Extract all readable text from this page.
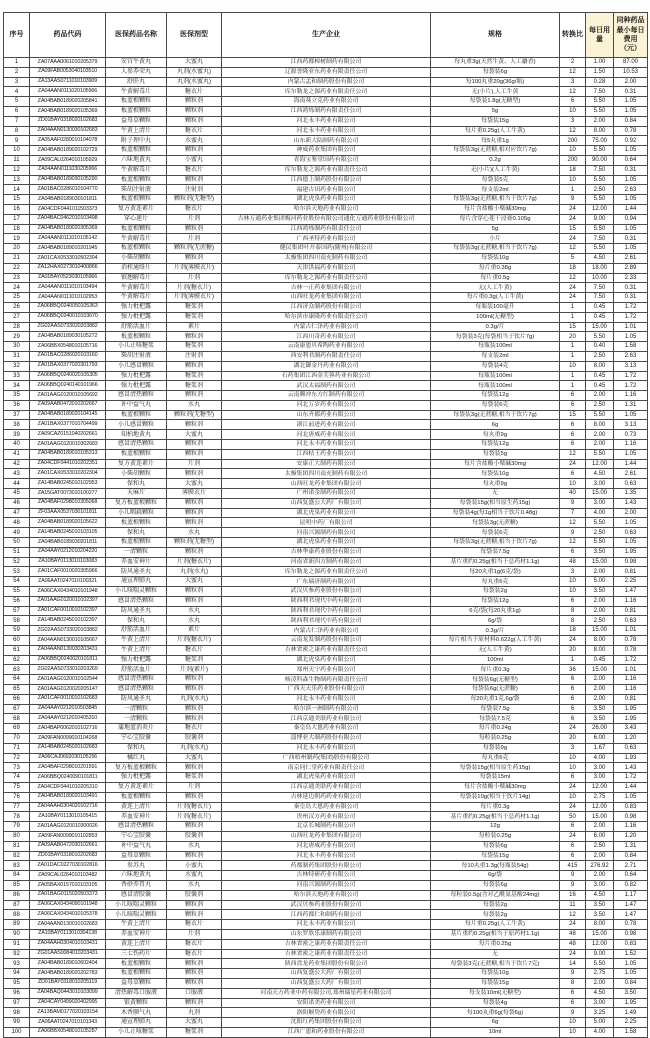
序号	药品代码	医保药品名称	医保剂型	生产企业	规格	转换比	每日用量	同种药品最小每日费用（元）
1	ZA07AAA0061010205379	安宫牛黄丸	大蜜丸	江西药都樟树制药有限公司	每丸重3g(天然牛黄、人工麝香)	2	1.00	87.00
2	ZA09FAB0053040103510	人参养荣丸	丸剂(水蜜丸)	辽源誉隆亚东药业有限责任公司	每袋装6g	12	1.50	10.53
3	ZA13AAS0711010103909	舒肝丸	丸剂(水蜜丸)	内蒙古孟和制药股份有限公司	每100丸重20g(36g/瓶)	3	0.28	2.00
4	ZA04AAN0111020105966	牛黄解毒片	糖衣片	库尔勒龙之源药业有限责任公司	无(小片),人工牛黄	12	7.50	0.31
5	ZA04BAB0189020205841	板蓝根颗粒	颗粒剂	海南葵立克药业有限公司	每袋装1.8g(无糖型)	6	5.50	1.05
6	ZA04BAB0189020105369	板蓝根颗粒	颗粒剂	江西鸿烁制药有限责任公司	5g	10	5.50	1.05
7	ZD01BAY0318020102683	益母草颗粒	颗粒剂	河北永丰药业有限公司	每袋装15g	3	2.00	0.84
8	ZA04AAN0130030102683	牛黄上清片	糖衣片	河北永丰药业有限公司	每片重0.25g(人工牛黄)	12	8.00	0.78
9	ZA05AAF0280010104078	附子理中丸	水蜜丸	山东新大陆制药有限公司	每5丸重1g	200	75.00	0.92
10	ZA04BAB0189020102729	板蓝根颗粒	颗粒剂	神威药业集团有限公司	每袋装3g(无蔗糖,相对应饮片7g)	10	5.50	1.05
11	ZA09CAL0264010105929	六味地黄丸	小蜜丸	青海宝鉴堂国药有限公司	0.2g	200	90.00	0.64
12	ZA04AAN0111030205966	牛黄解毒片	糖衣片	库尔勒龙之源药业有限责任公司	无(小片)(人工牛黄)	18	7.50	0.31
13	ZA04BAB0189030105290	板蓝根颗粒	颗粒剂	江西德上制药股份有限公司	每袋装5克	10	5.50	1.05
14	ZA01BAC0286010104770	柴胡注射液	注射剂	福建古田药业有限公司	每支装2ml	1	2.50	2.63
15	ZA04BAB0189030101811	板蓝根颗粒	颗粒剂(无糖型)	湖北虎泉药业有限公司	每袋装3g(无蔗糖,相当于饮片7g)	9	5.50	1.05
16	ZA04CDF0441011503373	复方黄连素片	糖衣片	哈尔滨天地药业有限公司	每片含盐酸小檗碱30mg	24	12.00	1.44
17	ZA04BAC0462010103498	穿心莲片	片剂	吉林万通药业集团梅河药业股份有限公司通化万通药业股份有限公司	每片含穿心莲干浸膏0.105g	24	9.00	0.94
18	ZA04BAB0189020305369	板蓝根颗粒	颗粒剂	江西鸿烁制药有限责任公司	5g	15	5.50	1.05
19	ZA04AAN0111010105142	牛黄解毒片	片剂	广西圣特药业有限公司	小片	24	7.50	0.31
20	ZA04BAB0189010201945	板蓝根颗粒	颗粒剂(无蔗糖)	健民集团叶开泰国药(随州)有限公司	每袋装3g(无蔗糖,相当于饮片7g)	12	5.50	1.05
21	ZA01CAX0533010502304	小柴胡颗粒	颗粒剂	太极集团四川南充制药有限公司	每袋装10g	5	4.50	2.61
22	ZA12HAX0273010400866	消栓通络片	片剂(薄膜衣片)	天津洪福药业有限公司	每片重0.38g	18	18.00	2.89
23	ZA01BAY0523030105966	银翘解毒片	片剂	库尔勒龙之源药业有限责任公司	每片重0.5g	12	10.00	2.33
24	ZA04AAN0111010103494	牛黄解毒片	片剂(糖衣片)	吉林一正药业集团有限公司	无(人工牛黄)	24	7.50	0.31
25	ZA04AAN0111010102953	牛黄解毒片	片剂(薄膜衣片)	山西旺龙药业集团有限公司	每片重0.3g(人工牛黄)	24	7.50	0.31
26	ZA06BBQ0240050105363	强力枇杷露	糖浆剂	江西济众制药股份有限公司	每瓶装100毫升	1	0.45	1.72
27	ZA06BBQ0240010103670	强力枇杷露	糖浆剂	哈尔滨市康隆药业有限责任公司	100ml(无糖型)	1	0.45	1.72
28	ZG02AAS0733020203882	舒筋活血片	素片	内蒙古仁泽药业有限公司	0.3g/片	15	15.00	1.01
29	ZA04BAB0189030105272	板蓝根颗粒	颗粒剂	江西川奇药业有限公司	每袋装3克(每袋相当于饮片7g)	20	5.50	1.05
30	ZA06BBX0548010105716	小儿止咳糖浆	糖浆剂	云南康恩贝希陶药业有限公司	每瓶装100ml	1	0.40	1.58
31	ZA01BAC0286020103160	柴胡注射液	注射剂	西安利君制药有限责任公司	每支装2ml	1	2.50	2.63
32	ZA01BAX0377020301793	小儿感冒颗粒	颗粒剂	湖北御金丹药业有限公司	每袋装4克	10	8.00	3.13
33	ZA06BBQ0240020105305	强力枇杷露	糖浆剂	石药集团江西金芙蓉药业有限公司	每瓶装100ml	1	0.45	1.72
34	ZA06BBQ0240140101966	强力枇杷露	糖浆剂	武汉太福制药有限公司	每瓶装100ml	1	0.45	1.72
35	ZA01AAG0120010105692	感冒清热颗粒	颗粒剂	云南腾冲东方红制药有限公司	每袋装12g	6	2.00	1.16
36	ZA09AAB0472010202667	补中益气丸	水丸	河北万岁药业有限公司	每袋装6克	6	2.50	1.31
37	ZA04BAB0189020104145	板蓝根颗粒	颗粒剂(无糖型)	山东齐都药业有限公司	每袋装3g(无蔗糖,相当于饮片7g)	15	5.50	1.05
38	ZA01BAX0377010704499	小儿感冒颗粒	颗粒剂	浙江前进药业有限公司	6g	6	8.00	3.13
39	ZA09CAZ0151040202661	知柏地黄丸	大蜜丸	河北唐威药业有限公司	每丸重9g	6	2.00	0.73
40	ZA01AAG0120010302683	感冒清热颗粒	颗粒剂	河北永丰药业有限公司	每袋装12g	6	2.00	1.16
41	ZA04BAB0189010105313	板蓝根颗粒	颗粒剂	江西桔王药业有限公司	每袋装5g	12	5.50	1.05
42	ZA04CDF0441010202351	复方黄连素片	片剂	安康正大制药有限公司	每片含盐酸小檗碱30mg	24	12.00	1.44
43	ZA01CAX0533010202304	小柴胡颗粒	颗粒剂	太极集团四川南充制药有限公司	每袋装10g	6	4.50	2.61
44	ZA14BAB0245010102953	保和丸	大蜜丸	山西旺龙药业集团有限公司	每丸重9g	10	3.00	0.63
45	ZA15GAT0073010100277	天麻片	薄膜衣片	广州诺金制药有限公司	无	40	15.00	1.35
46	ZA04BAF0298010305068	复方板蓝根颗粒	颗粒剂	山西复盛公大药厂有限公司	每袋装15g(相当原生药15g)	9	3.00	1.43
47	ZF03AAX0537030101811	小儿咽扁颗粒	颗粒剂	湖北虎泉药业有限公司	每袋装4g(每1g相当于饮片0.48g)	7	4.00	2.00
48	ZA04BAB0189020105622	板蓝根颗粒	颗粒剂	昆明中药厂有限公司	每袋装3g(无蔗糖)	12	5.50	1.05
49	ZA14BAB0245010103105	保和丸	水丸	河南兴源制药有限公司	每袋装6克	9	2.50	0.63
50	ZA04BAB0189030201811	板蓝根颗粒	颗粒剂(无糖型)	湖北虎泉药业有限公司	每袋装3g(无蔗糖,相当于饮片7g)	12	5.50	1.05
51	ZA04AAY0212010204220	一清颗粒	颗粒剂	吉林华康药业股份有限公司	每袋装7.5g	6	3.50	1.95
52	ZA10BAY0113010103083	养血安神片	片剂(糖衣片)	河南省新四方制药有限公司	基片重约0.25g(相当于总药材1.1g)	48	15.00	0.98
53	ZA01CAF0010020305966	防风通圣丸	丸剂(水丸)	库尔勒龙之源药业有限责任公司	每20丸重1g(6克/袋)	3	2.00	0.81
54	ZA06AAT0247010100321	通宣理肺丸	大蜜丸	广东瑞济制药有限公司	每丸重6克	10	5.00	2.25
55	ZA06CAX0434010101948	小儿咳喘灵颗粒	颗粒剂	武汉贝参药业股份有限公司	每袋装2g	10	3.50	1.47
56	ZA01AAG0120010102397	感冒清热颗粒	颗粒剂	陕西利君现代中药有限公司	每袋装12g	6	2.00	1.16
57	ZA01CAF0010010102397	防风通圣丸	水丸	陕西利君现代中药有限公司	6克/袋(每20丸重1g)	8	2.00	0.81
58	ZA14BAB0245010102397	保和丸	水丸	陕西利君现代中药有限公司	6g/袋	8	2.50	0.63
59	ZG02AAS0733020103882	舒筋活血片	素片	内蒙古仁泽药业有限公司	0.3g/片	18	15.00	1.01
60	ZA04AAN0130010105667	牛黄上清片	片剂(糖衣片)	云南龙发制药股份有限公司	每片相当于原材料0.622g(人工牛黄)	24	8.00	0.78
61	ZA04AAN0130030203431	牛黄上清片	糖衣片	吉林省密之康药业有限责任公司	无(人工牛黄)	20	8.00	0.78
62	ZA06BBQ0240020101811	强力枇杷露	糖浆剂	湖北虎泉药业有限公司	100ml	1	0.45	1.72
63	ZG02AAS0733010203269	舒筋活血片	片剂(素片)	郑州天宁药业有限公司	每片重0.3g	36	15.00	1.01
64	ZA01AAG0120010102544	感冒清热颗粒	颗粒剂	杨凌科森生物制药有限责任公司	每袋装6g(无糖型)	6	2.00	1.16
65	ZA01AAG0120020205147	感冒清热颗粒	颗粒剂	广西天天乐药业股份有限公司	每袋装6g(无蔗糖)	6	2.00	1.16
66	ZA01CAF0010010102683	防风通圣丸	丸剂(水丸)	河北永丰药业有限公司	每20丸重1克,6g/袋	6	2.00	0.81
67	ZA04AAY0212010503845	一清颗粒	颗粒剂	哈尔滨一洲制药有限公司	每袋装7.5g	6	3.50	1.95
68	ZA04AAY0212010405310	一清颗粒	颗粒剂	江西京通美联药业有限公司	每袋装7.5克	6	3.50	1.95
69	ZA04BAP0062010102716	蒲地蓝消炎片	糖衣片	秦皇岛大恩药业有限公司	每片重0.24g	24	26.00	3.43
70	ZA09FAN0099010104268	宁心宝胶囊	胶囊剂	淄博亚大制药股份有限公司	每粒装0.25g	20	6.00	1.20
71	ZA14BAB0245020102683	保和丸	丸剂(水丸)	河北永丰药业有限公司	每袋装9g	3	1.67	0.63
72	ZA06CAJ0692030105156	橘红丸	大蜜丸	广西梧州制药(集团)股份有限公司	每丸重6克	10	4.00	1.93
73	ZA04BAF0298010201591	复方板蓝根颗粒	颗粒剂	南京同仁堂药业有限责任公司	每袋装15g(相当原生药15g)	10	3.00	1.43
74	ZA06BBQ0240090101811	强力枇杷露	糖浆剂	湖北虎泉药业有限公司	每袋装15ml	6	3.00	1.72
75	ZA04CDF0441010205310	复方黄连素片	片剂	江西京通美联药业有限公司	每片含盐酸小檗碱30mg	24	12.00	1.44
76	ZA04BAB0189020103491	板蓝根颗粒	颗粒剂	吉林延边朝药药业有限公司	每袋装10g(相当于饮片14g)	10	2.75	1.05
77	ZA04AAH0304020102716	黄连上清片	片剂(糖衣片)	秦皇岛大恩药业有限公司	每片重0.3g	24	12.00	0.83
78	ZA10BAY0113010105415	养血安神片	片剂(糖衣片)	贵州汉方药业有限公司	基片重约0.25g(相当于总药材1.1g)	50	15.00	0.98
79	ZA01AAG0120010300026	感冒清热颗粒	颗粒剂	北京长城制药有限公司	12g	6	2.00	1.16
80	ZA09FAN0099010102853	宁心宝胶囊	胶囊剂	山西旺龙药业集团有限公司	每粒装0.25g	24	6.00	1.20
81	ZA09AAB0472030102661	补中益气丸	水丸	河北唐威药业有限公司	每袋装6g	6	2.50	1.31
82	ZD01BAY0318010202683	益母草颗粒	颗粒剂	河北永丰药业有限公司	每袋装15g	6	2.00	0.84
83	ZA01DAC0227030102816	参苏丸	小蜜丸	药都制药集团股份有限公司	每10丸重1.3g(每瓶装54g)	415	276.92	2.71
84	ZA09CAL0264010103482	六味地黄丸	水蜜丸	吉林特研药业有限公司	6g/袋	9	2.00	0.64
85	ZA05BAX0157010103105	香砂养胃丸	水丸	河南兴源制药有限公司	每袋装6g	9	3.00	0.82
86	ZA01BAG0115020503373	感冒清胶囊	胶囊剂	哈尔滨天地药业有限公司	每粒装0.5g(含对乙酰氨基酚24mg)	16	4.50	1.17
87	ZA06CAX0434090101948	小儿咳喘灵颗粒	颗粒剂	武汉贝参药业股份有限公司	每袋装2g	11	3.50	1.47
88	ZA06CAX0434010105378	小儿咳喘灵颗粒	颗粒剂	江西药都仁和制药有限公司	每袋装2g	12	3.50	1.47
89	ZA04AAN0130010102683	牛黄上清片	糖衣片	河北永丰药业有限公司	每片重0.25g(人工牛黄)	24	8.00	0.78
90	ZA10BAY0113010304138	养血安神片	片剂	山东罗欣乐康制药有限公司	基片重约0.25g(相当于原药材1.1g)	48	15.00	0.98
91	ZA04AAH0304010103431	黄连上清片	糖衣片	吉林省密之康药业有限责任公司	每片重0.25g	48	12.00	0.83
92	ZG01AAS0084010203431	三七伤药片	糖衣片	吉林省密之康药业有限责任公司	无	24	9.00	1.52
93	ZA04BAB0189010602404	板蓝根颗粒	颗粒剂	陕西盘龙药业集团股份有限公司	每袋装3克(无蔗糖,相当于饮片7克)	14	5.50	1.05
94	ZA04BAB0189020202783	板蓝根颗粒	颗粒剂	山西复盛公大药厂有限公司	每袋装10g	9	2.75	1.05
95	ZD01BAY0318010205119	益母草颗粒	颗粒剂	山西复盛公大药厂有限公司	每袋装15g	8	2.00	0.84
96	ZA04BAQ0443010103099	清热解毒口服液	口服液	河南天方药业中药有限公司,郑州瑞星药业有限公司	每支装10ml(无糖型)	6	4.50	3.50
97	ZA04CAY0499020402995	银黄颗粒	颗粒剂	安阳诺美药业有限公司	每袋装4g	6	3.00	1.95
98	ZA13BAM0177020103154	木香顺气丸	丸剂	洛阳顺势药业有限公司	每100丸重6g(每袋6g)	9	3.25	1.49
99	ZA06AAT0247010101343	通宣理肺丸	大蜜丸	沈阳红药集团股份有限公司	6g	10	5.00	2.25
100	ZA06BBX0548010105287	小儿止咳糖浆	糖浆剂	江西广恩和药业股份有限公司	10ml	10	4.00	1.58
